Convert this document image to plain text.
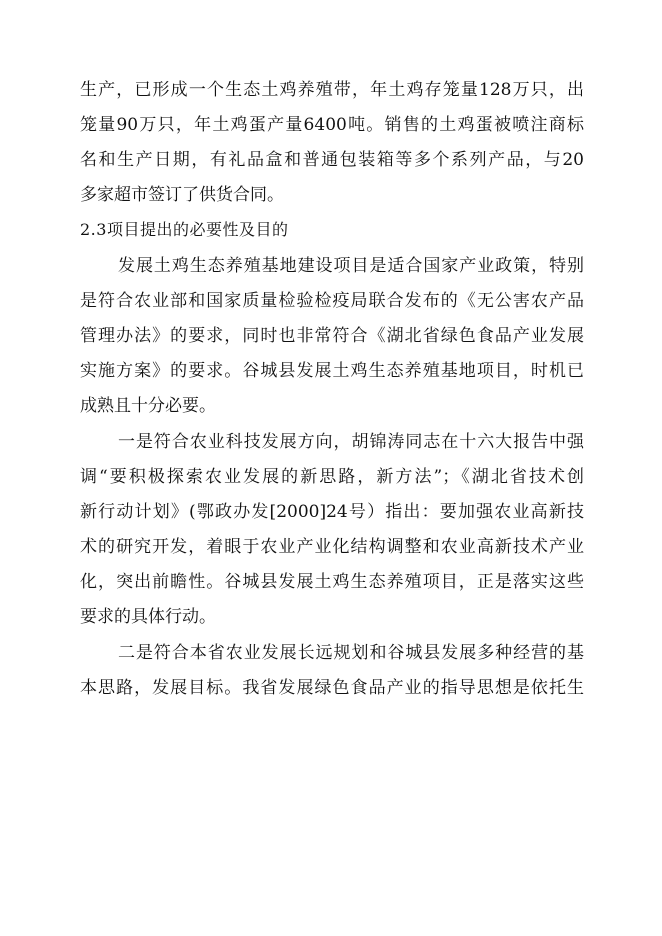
生产，已形成一个生态土鸡养殖带，年土鸡存笼量128万只，出
笼量90万只，年土鸡蛋产量6400吨。销售的土鸡蛋被喷注商标
名和生产日期，有礼品盒和普通包装箱等多个系列产品，与20
多家超市签订了供货合同。
2.3项目提出的必要性及目的
发展土鸡生态养殖基地建设项目是适合国家产业政策，特别
是符合农业部和国家质量检验检疫局联合发布的《无公害农产品
管理办法》的要求，同时也非常符合《湖北省绿色食品产业发展
实施方案》的要求。谷城县发展土鸡生态养殖基地项目，时机已
成熟且十分必要。
一是符合农业科技发展方向，胡锦涛同志在十六大报告中强
调“要积极探索农业发展的新思路，新方法”；《湖北省技术创
新行动计划》(鄂政办发[2000]24号）指出：要加强农业高新技
术的研究开发，着眼于农业产业化结构调整和农业高新技术产业
化，突出前瞻性。谷城县发展土鸡生态养殖项目，正是落实这些
要求的具体行动。
二是符合本省农业发展长远规划和谷城县发展多种经营的基
本思路，发展目标。我省发展绿色食品产业的指导思想是依托生
